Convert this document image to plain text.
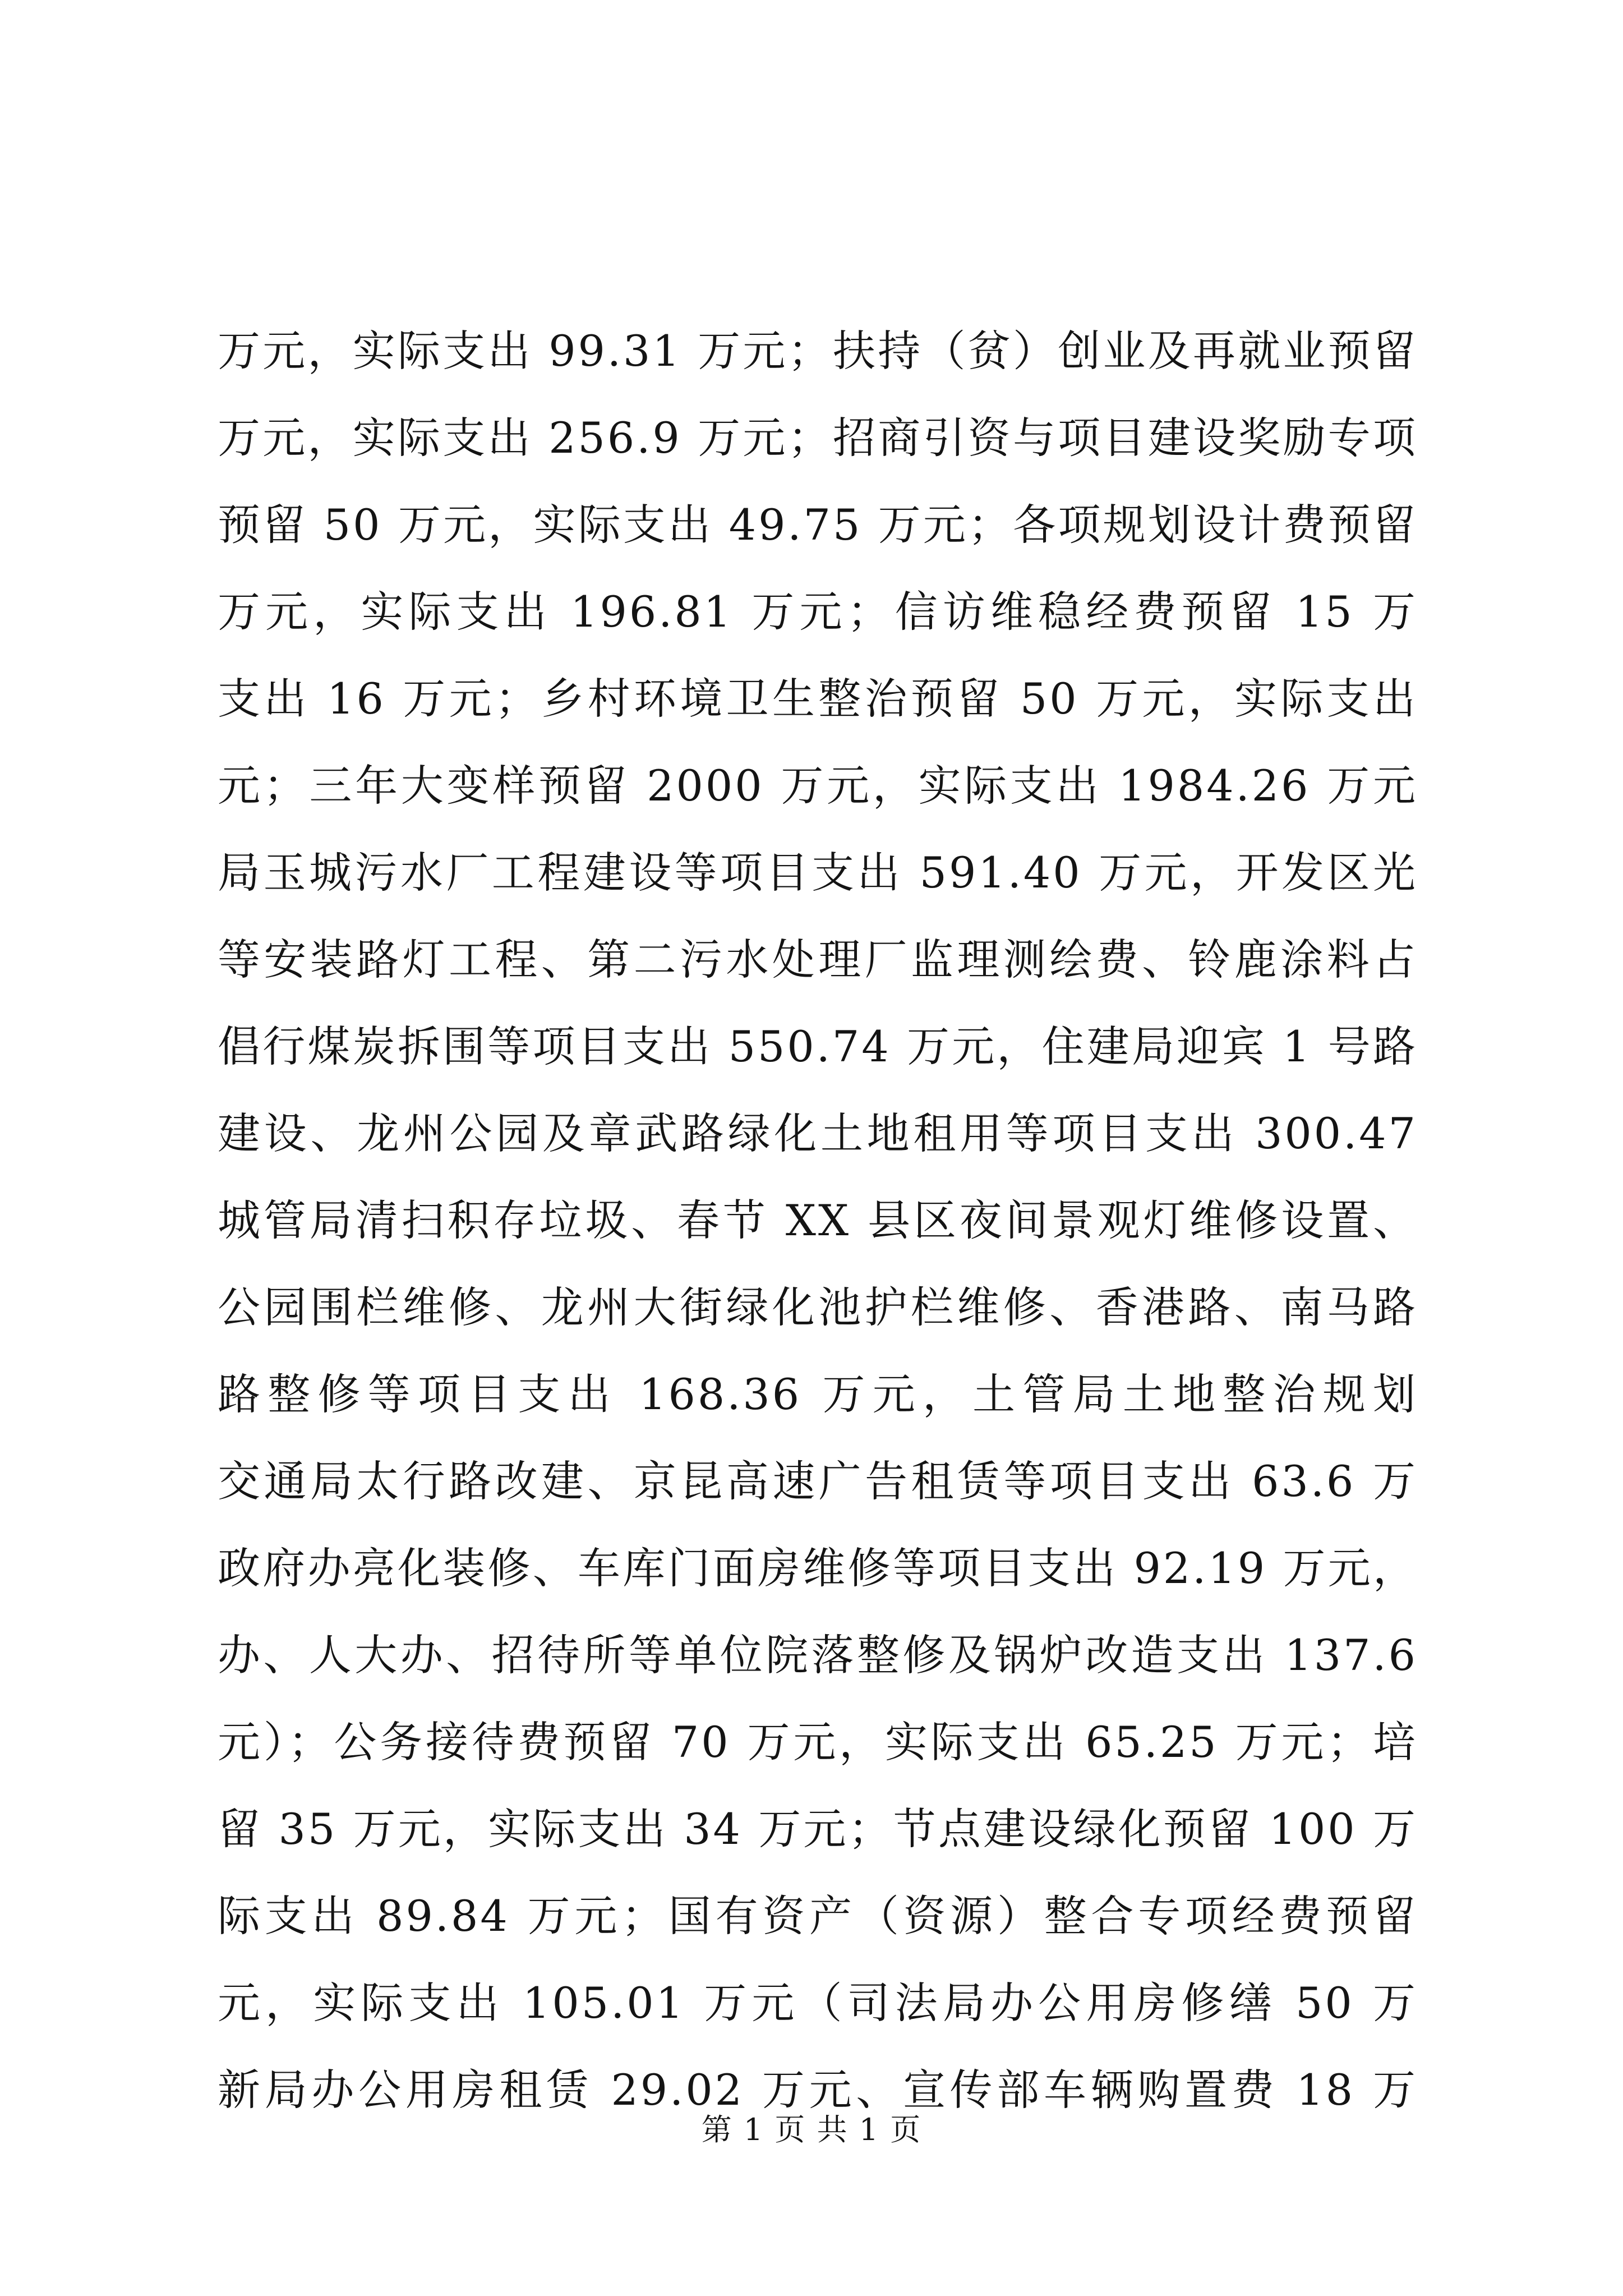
万元，实际支出 99.31 万元；扶持（贫）创业及再就业预留
万元，实际支出 256.9 万元；招商引资与项目建设奖励专项
预留 50 万元，实际支出 49.75 万元；各项规划设计费预留
万元，实际支出 196.81 万元；信访维稳经费预留 15 万
支出 16 万元；乡村环境卫生整治预留 50 万元，实际支出
元；三年大变样预留 2000 万元，实际支出 1984.26 万元
局玉城污水厂工程建设等项目支出 591.40 万元，开发区光
等安装路灯工程、第二污水处理厂监理测绘费、铃鹿涂料占
倡行煤炭拆围等项目支出 550.74 万元，住建局迎宾 1 号路
建设、龙州公园及章武路绿化土地租用等项目支出 300.47
城管局清扫积存垃圾、春节 XX 县区夜间景观灯维修设置、
公园围栏维修、龙州大街绿化池护栏维修、香港路、南马路
路整修等项目支出 168.36 万元，土管局土地整治规划
交通局太行路改建、京昆高速广告租赁等项目支出 63.6 万
政府办亮化装修、车库门面房维修等项目支出 92.19 万元，
办、人大办、招待所等单位院落整修及锅炉改造支出 137.6
元）；公务接待费预留 70 万元，实际支出 65.25 万元；培
留 35 万元，实际支出 34 万元；节点建设绿化预留 100 万
际支出 89.84 万元；国有资产（资源）整合专项经费预留
元，实际支出 105.01 万元（司法局办公用房修缮 50 万
新局办公用房租赁 29.02 万元、宣传部车辆购置费 18 万
第 1 页 共 1 页
